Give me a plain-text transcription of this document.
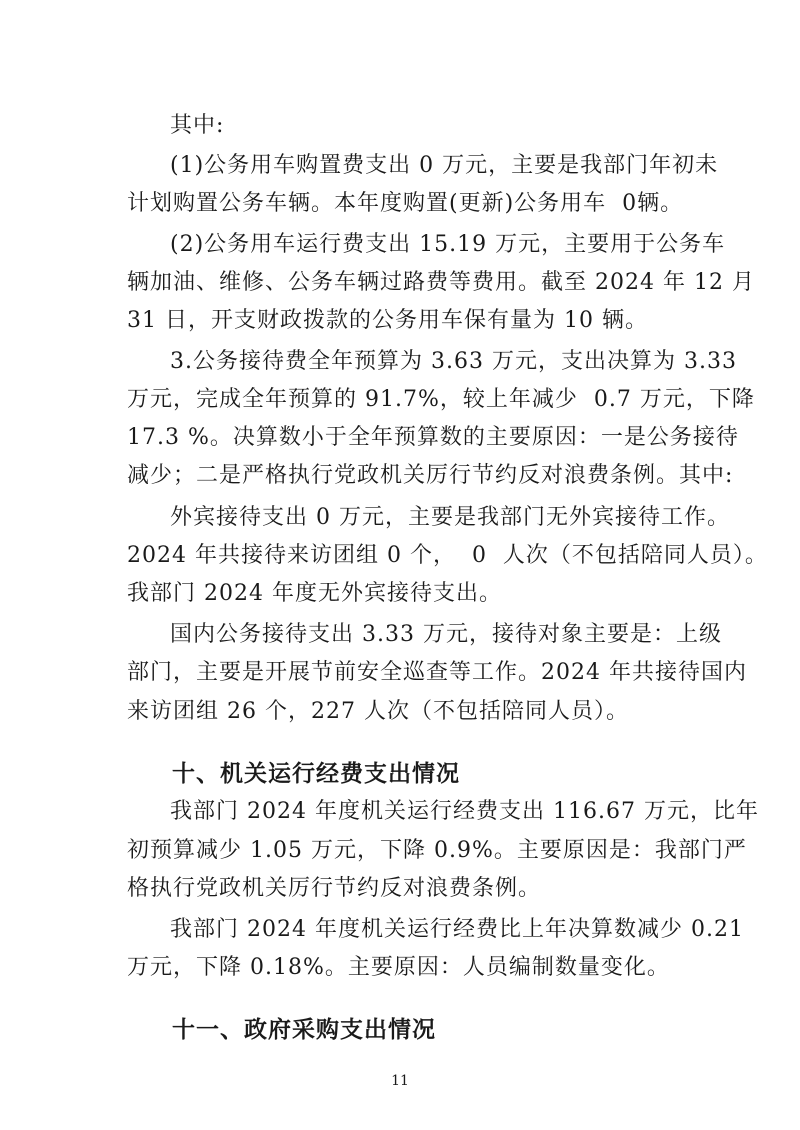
其中:

(1)公务用车购置费支出 0 万元，主要是我部门年初未

计划购置公务车辆。本年度购置(更新)公务用车  0辆。

(2)公务用车运行费支出 15.19 万元，主要用于公务车

辆加油、维修、公务车辆过路费等费用。截至 2024 年 12 月

31 日，开支财政拨款的公务用车保有量为 10 辆。

3.公务接待费全年预算为 3.63 万元，支出决算为 3.33

万元，完成全年预算的 91.7%，较上年减少  0.7 万元，下降

17.3 %。决算数小于全年预算数的主要原因：一是公务接待

减少；二是严格执行党政机关厉行节约反对浪费条例。其中:

外宾接待支出 0 万元，主要是我部门无外宾接待工作。

2024 年共接待来访团组 0 个，  0  人次（不包括陪同人员）。

我部门 2024 年度无外宾接待支出。

国内公务接待支出 3.33 万元，接待对象主要是：上级

部门，主要是开展节前安全巡查等工作。2024 年共接待国内

来访团组 26 个，227 人次（不包括陪同人员）。

十、机关运行经费支出情况

我部门 2024 年度机关运行经费支出 116.67 万元，比年

初预算减少 1.05 万元，下降 0.9%。主要原因是：我部门严

格执行党政机关厉行节约反对浪费条例。

我部门 2024 年度机关运行经费比上年决算数减少 0.21

万元，下降 0.18%。主要原因：人员编制数量变化。

十一、政府采购支出情况

11
